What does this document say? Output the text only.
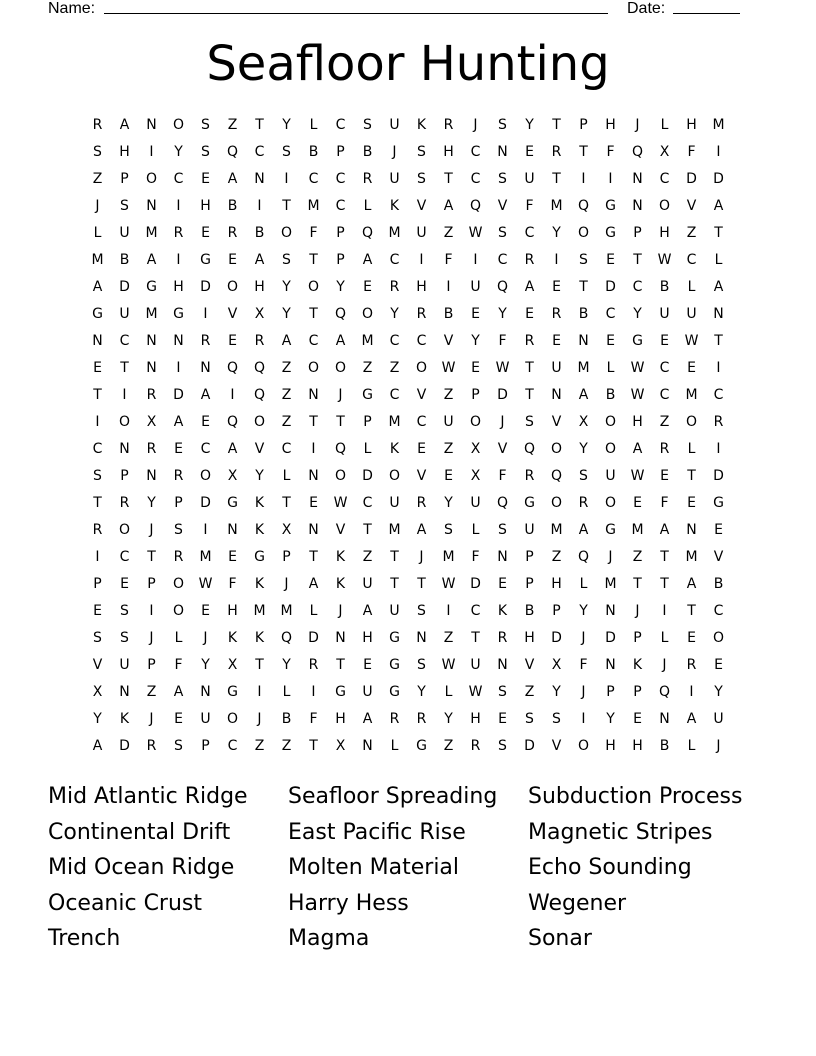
Name:	Date:
Seafloor Hunting
R	A	N	O	S	Z	T	Y	L	C	S	U	K	R	J	S	Y	T	P	H	J	L	H	M
S	H	I	Y	S	Q	C	S	B	P	B	J	S	H	C	N	E	R	T	F	Q	X	F	I
Z	P	O	C	E	A	N	I	C	C	R	U	S	T	C	S	U	T	I	I	N	C	D	D
J	S	N	I	H	B	I	T	M	C	L	K	V	A	Q	V	F	M	Q	G	N	O	V	A
L	U	M	R	E	R	B	O	F	P	Q	M	U	Z	W	S	C	Y	O	G	P	H	Z	T
M	B	A	I	G	E	A	S	T	P	A	C	I	F	I	C	R	I	S	E	T	W	C	L
A	D	G	H	D	O	H	Y	O	Y	E	R	H	I	U	Q	A	E	T	D	C	B	L	A
G	U	M	G	I	V	X	Y	T	Q	O	Y	R	B	E	Y	E	R	B	C	Y	U	U	N
N	C	N	N	R	E	R	A	C	A	M	C	C	V	Y	F	R	E	N	E	G	E	W	T
E	T	N	I	N	Q	Q	Z	O	O	Z	Z	O	W	E	W	T	U	M	L	W	C	E	I
T	I	R	D	A	I	Q	Z	N	J	G	C	V	Z	P	D	T	N	A	B	W	C	M	C
I	O	X	A	E	Q	O	Z	T	T	P	M	C	U	O	J	S	V	X	O	H	Z	O	R
C	N	R	E	C	A	V	C	I	Q	L	K	E	Z	X	V	Q	O	Y	O	A	R	L	I
S	P	N	R	O	X	Y	L	N	O	D	O	V	E	X	F	R	Q	S	U	W	E	T	D
T	R	Y	P	D	G	K	T	E	W	C	U	R	Y	U	Q	G	O	R	O	E	F	E	G
R	O	J	S	I	N	K	X	N	V	T	M	A	S	L	S	U	M	A	G	M	A	N	E
I	C	T	R	M	E	G	P	T	K	Z	T	J	M	F	N	P	Z	Q	J	Z	T	M	V
P	E	P	O	W	F	K	J	A	K	U	T	T	W	D	E	P	H	L	M	T	T	A	B
E	S	I	O	E	H	M	M	L	J	A	U	S	I	C	K	B	P	Y	N	J	I	T	C
S	S	J	L	J	K	K	Q	D	N	H	G	N	Z	T	R	H	D	J	D	P	L	E	O
V	U	P	F	Y	X	T	Y	R	T	E	G	S	W	U	N	V	X	F	N	K	J	R	E
X	N	Z	A	N	G	I	L	I	G	U	G	Y	L	W	S	Z	Y	J	P	P	Q	I	Y
Y	K	J	E	U	O	J	B	F	H	A	R	R	Y	H	E	S	S	I	Y	E	N	A	U
A	D	R	S	P	C	Z	Z	T	X	N	L	G	Z	R	S	D	V	O	H	H	B	L	J
Mid Atlantic Ridge	Seafloor Spreading	Subduction Process
Continental Drift	East Pacific Rise	Magnetic Stripes
Mid Ocean Ridge	Molten Material	Echo Sounding
Oceanic Crust	Harry Hess	Wegener
Trench	Magma	Sonar
